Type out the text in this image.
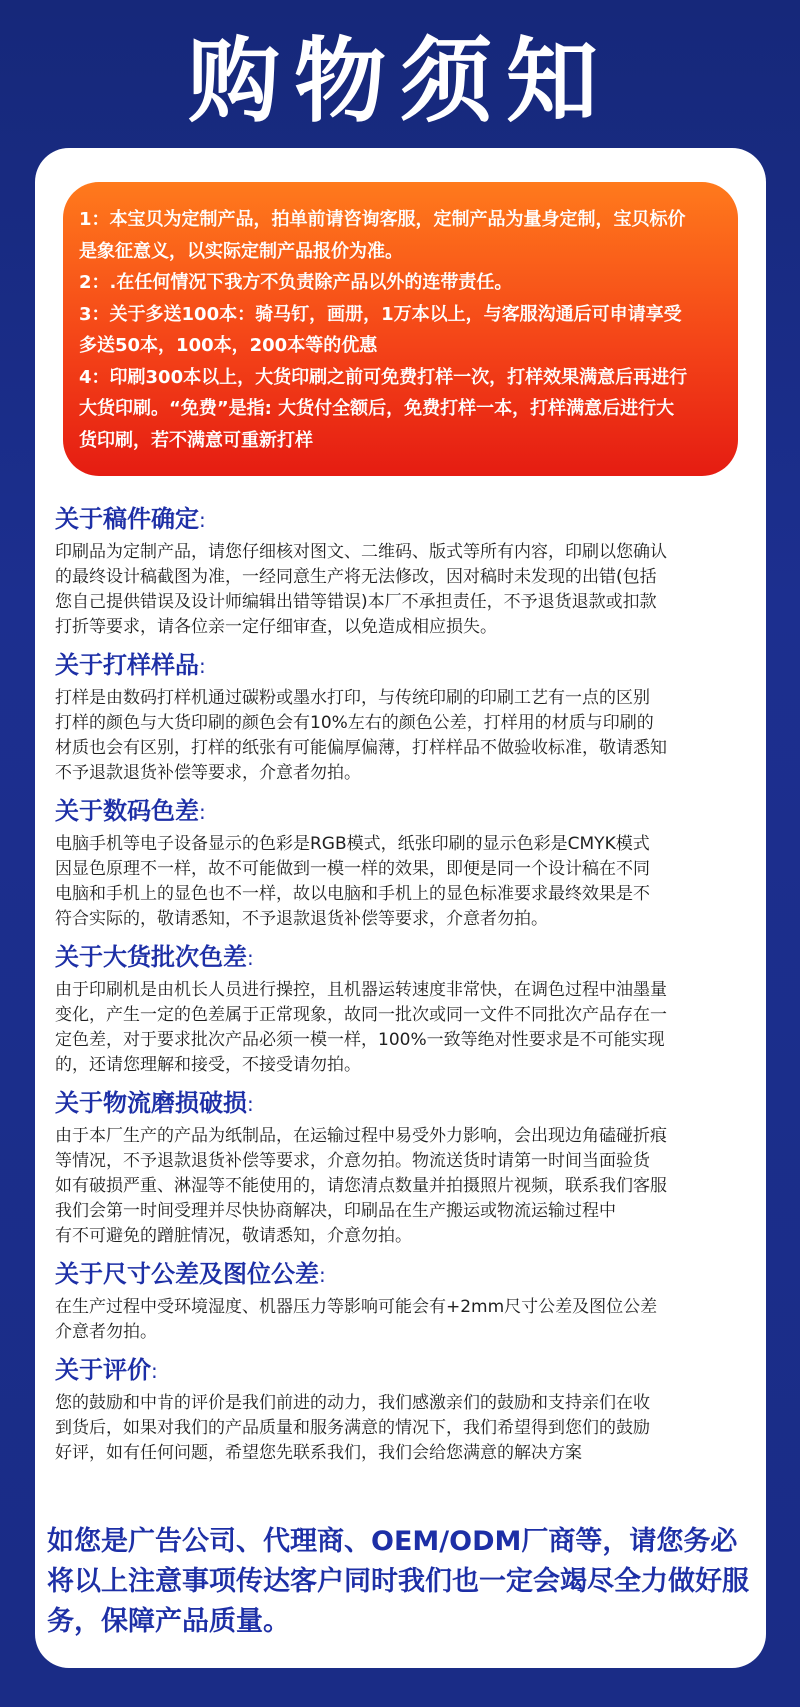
购物须知

1：本宝贝为定制产品，拍单前请咨询客服，定制产品为量身定制，宝贝标价

是象征意义，以实际定制产品报价为准。

2：.在任何情况下我方不负责除产品以外的连带责任。

3：关于多送100本：骑马钉，画册，1万本以上，与客服沟通后可申请享受

多送50本，100本，200本等的优惠

4：印刷300本以上，大货印刷之前可免费打样一次，打样效果满意后再进行

大货印刷。“免费”是指: 大货付全额后，免费打样一本，打样满意后进行大

货印刷，若不满意可重新打样

关于稿件确定:

印刷品为定制产品，请您仔细核对图文、二维码、版式等所有内容，印刷以您确认
的最终设计稿截图为准，一经同意生产将无法修改，因对稿时未发现的出错(包括
您自己提供错误及设计师编辑出错等错误)本厂不承担责任，不予退货退款或扣款
打折等要求，请各位亲一定仔细审查，以免造成相应损失。

关于打样样品:

打样是由数码打样机通过碳粉或墨水打印，与传统印刷的印刷工艺有一点的区别
打样的颜色与大货印刷的颜色会有10%左右的颜色公差，打样用的材质与印刷的
材质也会有区别，打样的纸张有可能偏厚偏薄，打样样品不做验收标准，敬请悉知
不予退款退货补偿等要求，介意者勿拍。

关于数码色差:

电脑手机等电子设备显示的色彩是RGB模式，纸张印刷的显示色彩是CMYK模式
因显色原理不一样，故不可能做到一模一样的效果，即便是同一个设计稿在不同
电脑和手机上的显色也不一样，故以电脑和手机上的显色标准要求最终效果是不
符合实际的，敬请悉知，不予退款退货补偿等要求，介意者勿拍。

关于大货批次色差:

由于印刷机是由机长人员进行操控，且机器运转速度非常快，在调色过程中油墨量
变化，产生一定的色差属于正常现象，故同一批次或同一文件不同批次产品存在一
定色差，对于要求批次产品必须一模一样，100%一致等绝对性要求是不可能实现
的，还请您理解和接受，不接受请勿拍。

关于物流磨损破损:

由于本厂生产的产品为纸制品，在运输过程中易受外力影响，会出现边角磕碰折痕
等情况，不予退款退货补偿等要求，介意勿拍。物流送货时请第一时间当面验货
如有破损严重、淋湿等不能使用的，请您清点数量并拍摄照片视频，联系我们客服
我们会第一时间受理并尽快协商解决，印刷品在生产搬运或物流运输过程中
有不可避免的蹭脏情况，敬请悉知，介意勿拍。

关于尺寸公差及图位公差:

在生产过程中受环境湿度、机器压力等影响可能会有+2mm尺寸公差及图位公差
介意者勿拍。

关于评价:

您的鼓励和中肯的评价是我们前进的动力，我们感激亲们的鼓励和支持亲们在收
到货后，如果对我们的产品质量和服务满意的情况下，我们希望得到您们的鼓励
好评，如有任何问题，希望您先联系我们，我们会给您满意的解决方案

如您是广告公司、代理商、OEM/ODM厂商等，请您务必将以上注意事项传达客户同时我们也一定会竭尽全力做好服务，保障产品质量。
